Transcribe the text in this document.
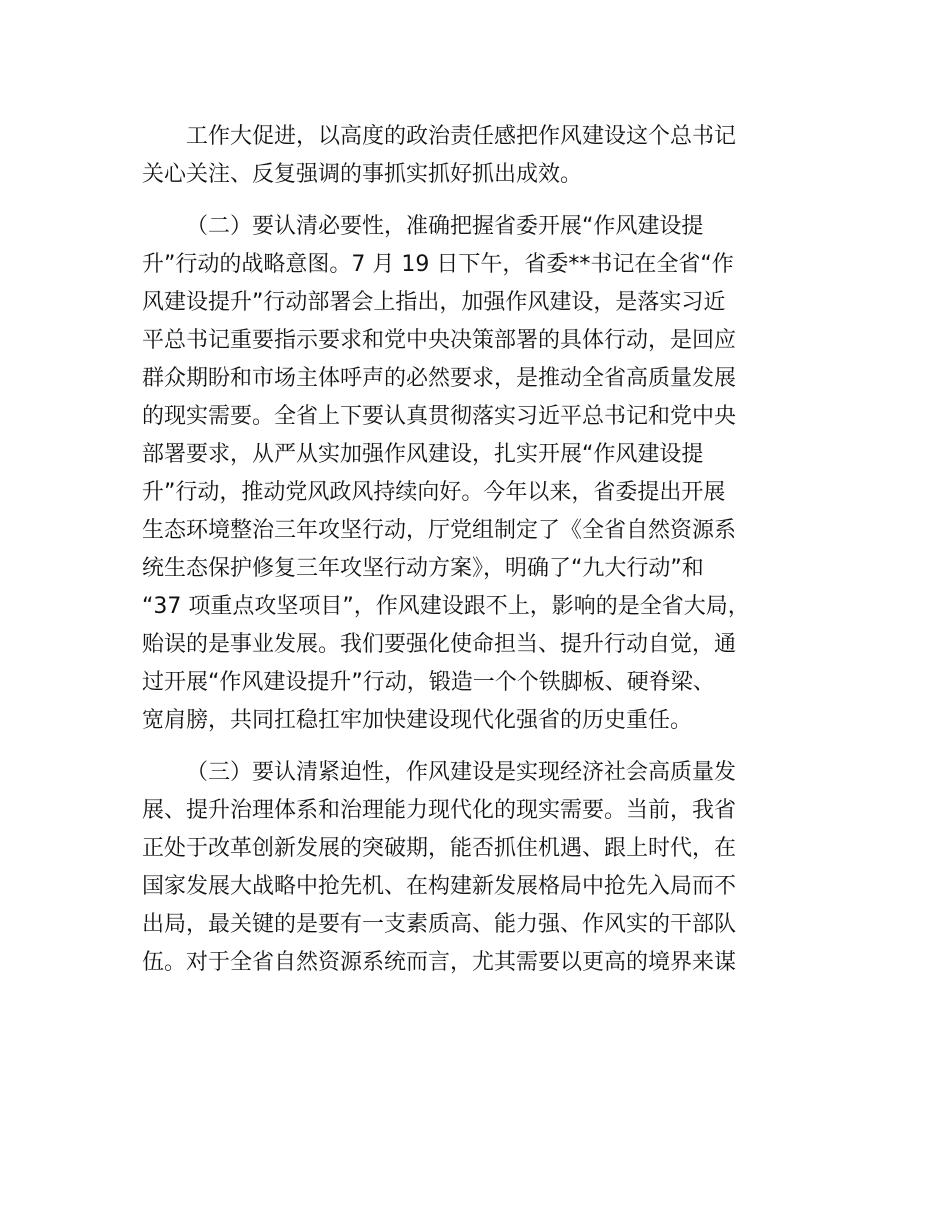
工作大促进，以高度的政治责任感把作风建设这个总书记
关心关注、反复强调的事抓实抓好抓出成效。
（二）要认清必要性，准确把握省委开展“作风建设提
升”行动的战略意图。7 月 19 日下午，省委**书记在全省“作
风建设提升”行动部署会上指出，加强作风建设，是落实习近
平总书记重要指示要求和党中央决策部署的具体行动，是回应
群众期盼和市场主体呼声的必然要求，是推动全省高质量发展
的现实需要。全省上下要认真贯彻落实习近平总书记和党中央
部署要求，从严从实加强作风建设，扎实开展“作风建设提
升”行动，推动党风政风持续向好。今年以来，省委提出开展
生态环境整治三年攻坚行动，厅党组制定了《全省自然资源系
统生态保护修复三年攻坚行动方案》，明确了“九大行动”和
“37 项重点攻坚项目”，作风建设跟不上，影响的是全省大局，
贻误的是事业发展。我们要强化使命担当、提升行动自觉，通
过开展“作风建设提升”行动，锻造一个个铁脚板、硬脊梁、
宽肩膀，共同扛稳扛牢加快建设现代化强省的历史重任。
（三）要认清紧迫性，作风建设是实现经济社会高质量发
展、提升治理体系和治理能力现代化的现实需要。当前，我省
正处于改革创新发展的突破期，能否抓住机遇、跟上时代，在
国家发展大战略中抢先机、在构建新发展格局中抢先入局而不
出局，最关键的是要有一支素质高、能力强、作风实的干部队
伍。对于全省自然资源系统而言，尤其需要以更高的境界来谋
